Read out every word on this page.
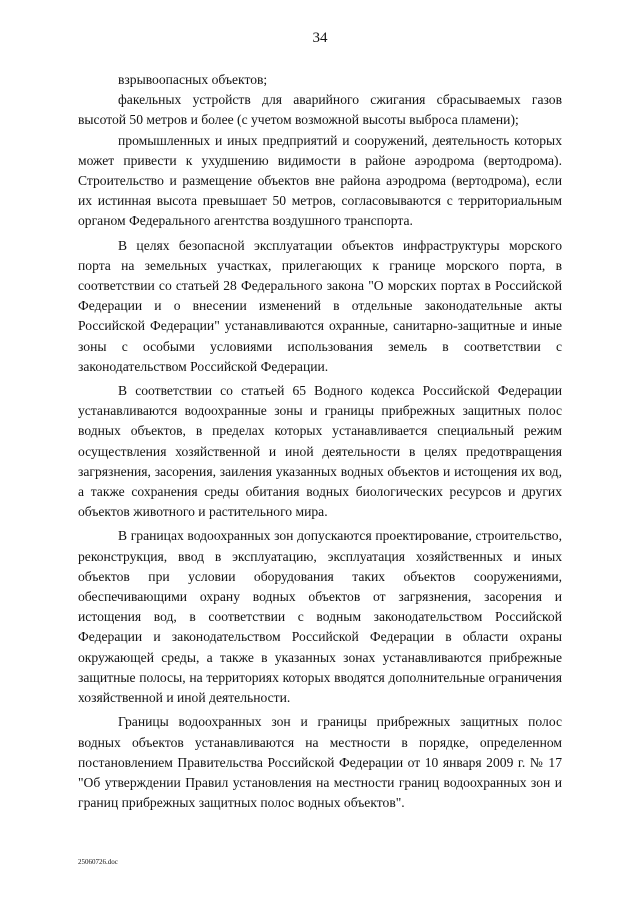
34

взрывоопасных объектов;

факельных устройств для аварийного сжигания сбрасываемых газов высотой 50 метров и более (с учетом возможной высоты выброса пламени);

промышленных и иных предприятий и сооружений, деятельность которых может привести к ухудшению видимости в районе аэродрома (вертодрома). Строительство и размещение объектов вне района аэродрома (вертодрома), если их истинная высота превышает 50 метров, согласовываются с территориальным органом Федерального агентства воздушного транспорта.

В целях безопасной эксплуатации объектов инфраструктуры морского порта на земельных участках, прилегающих к границе морского порта, в соответствии со статьей 28 Федерального закона "О морских портах в Российской Федерации и о внесении изменений в отдельные законодательные акты Российской Федерации" устанавливаются охранные, санитарно-защитные и иные зоны с особыми условиями использования земель в соответствии с законодательством Российской Федерации.

В соответствии со статьей 65 Водного кодекса Российской Федерации устанавливаются водоохранные зоны и границы прибрежных защитных полос водных объектов, в пределах которых устанавливается специальный режим осуществления хозяйственной и иной деятельности в целях предотвращения загрязнения, засорения, заиления указанных водных объектов и истощения их вод, а также сохранения среды обитания водных биологических ресурсов и других объектов животного и растительного мира.

В границах водоохранных зон допускаются проектирование, строительство, реконструкция, ввод в эксплуатацию, эксплуатация хозяйственных и иных объектов при условии оборудования таких объектов сооружениями, обеспечивающими охрану водных объектов от загрязнения, засорения и истощения вод, в соответствии с водным законодательством Российской Федерации и законодательством Российской Федерации в области охраны окружающей среды, а также в указанных зонах устанавливаются прибрежные защитные полосы, на территориях которых вводятся дополнительные ограничения хозяйственной и иной деятельности.

Границы водоохранных зон и границы прибрежных защитных полос водных объектов устанавливаются на местности в порядке, определенном постановлением Правительства Российской Федерации от 10 января 2009 г. № 17 "Об утверждении Правил установления на местности границ водоохранных зон и границ прибрежных защитных полос водных объектов".

25060726.doc
